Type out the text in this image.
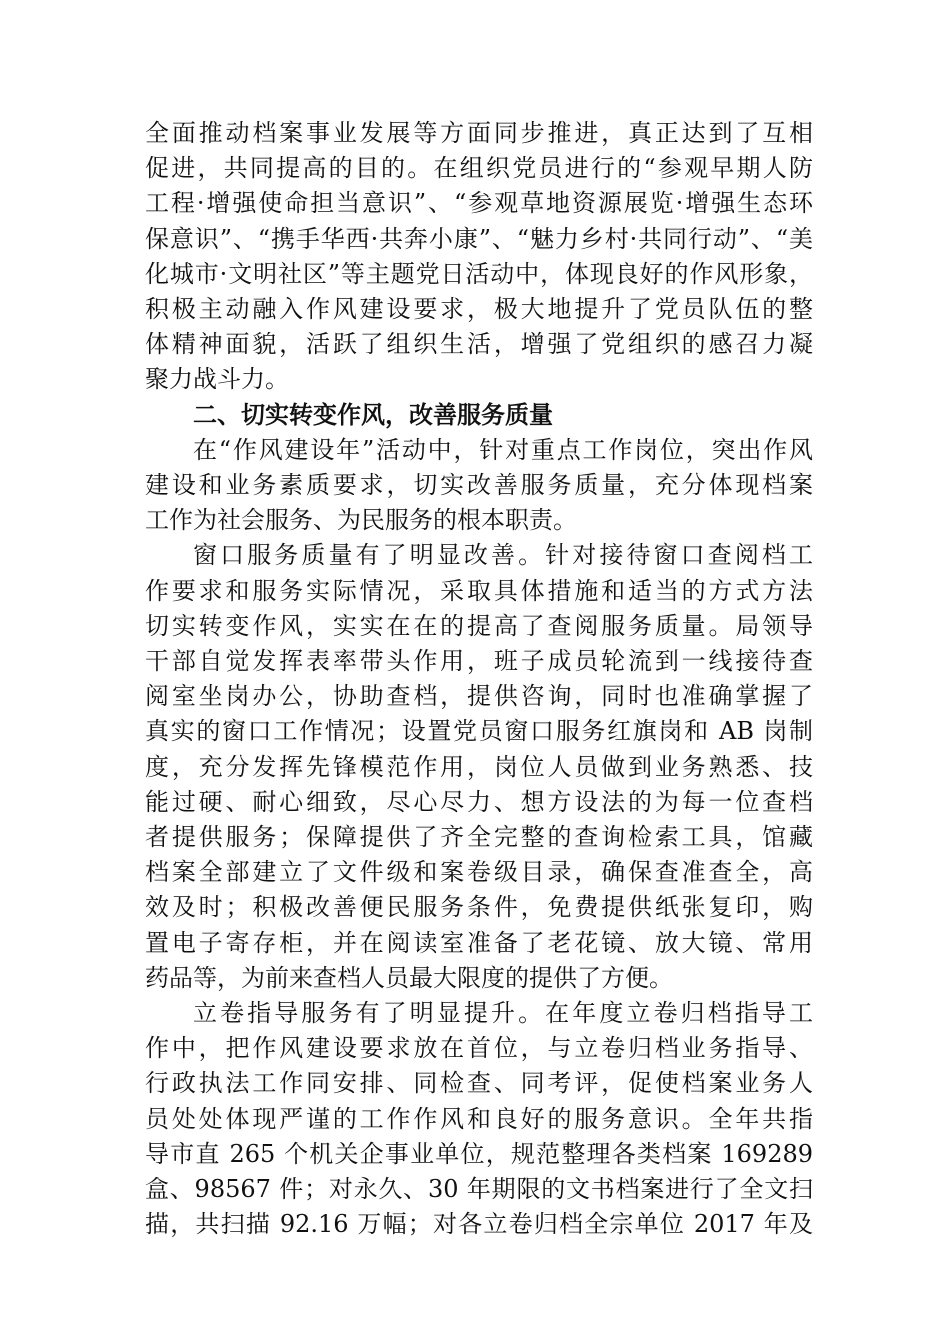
全面推动档案事业发展等方面同步推进，真正达到了互相
促进，共同提高的目的。在组织党员进行的“参观早期人防
工程·增强使命担当意识”、“参观草地资源展览·增强生态环
保意识”、“携手华西·共奔小康”、“魅力乡村·共同行动”、“美
化城市·文明社区”等主题党日活动中，体现良好的作风形象，
积极主动融入作风建设要求，极大地提升了党员队伍的整
体精神面貌，活跃了组织生活，增强了党组织的感召力凝
聚力战斗力。
二、切实转变作风，改善服务质量
在“作风建设年”活动中，针对重点工作岗位，突出作风
建设和业务素质要求，切实改善服务质量，充分体现档案
工作为社会服务、为民服务的根本职责。
窗口服务质量有了明显改善。针对接待窗口查阅档工
作要求和服务实际情况，采取具体措施和适当的方式方法
切实转变作风，实实在在的提高了查阅服务质量。局领导
干部自觉发挥表率带头作用，班子成员轮流到一线接待查
阅室坐岗办公，协助查档，提供咨询，同时也准确掌握了
真实的窗口工作情况；设置党员窗口服务红旗岗和 AB 岗制
度，充分发挥先锋模范作用，岗位人员做到业务熟悉、技
能过硬、耐心细致，尽心尽力、想方设法的为每一位查档
者提供服务；保障提供了齐全完整的查询检索工具，馆藏
档案全部建立了文件级和案卷级目录，确保查准查全，高
效及时；积极改善便民服务条件，免费提供纸张复印，购
置电子寄存柜，并在阅读室准备了老花镜、放大镜、常用
药品等，为前来查档人员最大限度的提供了方便。
立卷指导服务有了明显提升。在年度立卷归档指导工
作中，把作风建设要求放在首位，与立卷归档业务指导、
行政执法工作同安排、同检查、同考评，促使档案业务人
员处处体现严谨的工作作风和良好的服务意识。全年共指
导市直 265 个机关企事业单位，规范整理各类档案 169289
盒、98567 件；对永久、30 年期限的文书档案进行了全文扫
描，共扫描 92.16 万幅；对各立卷归档全宗单位 2017 年及
